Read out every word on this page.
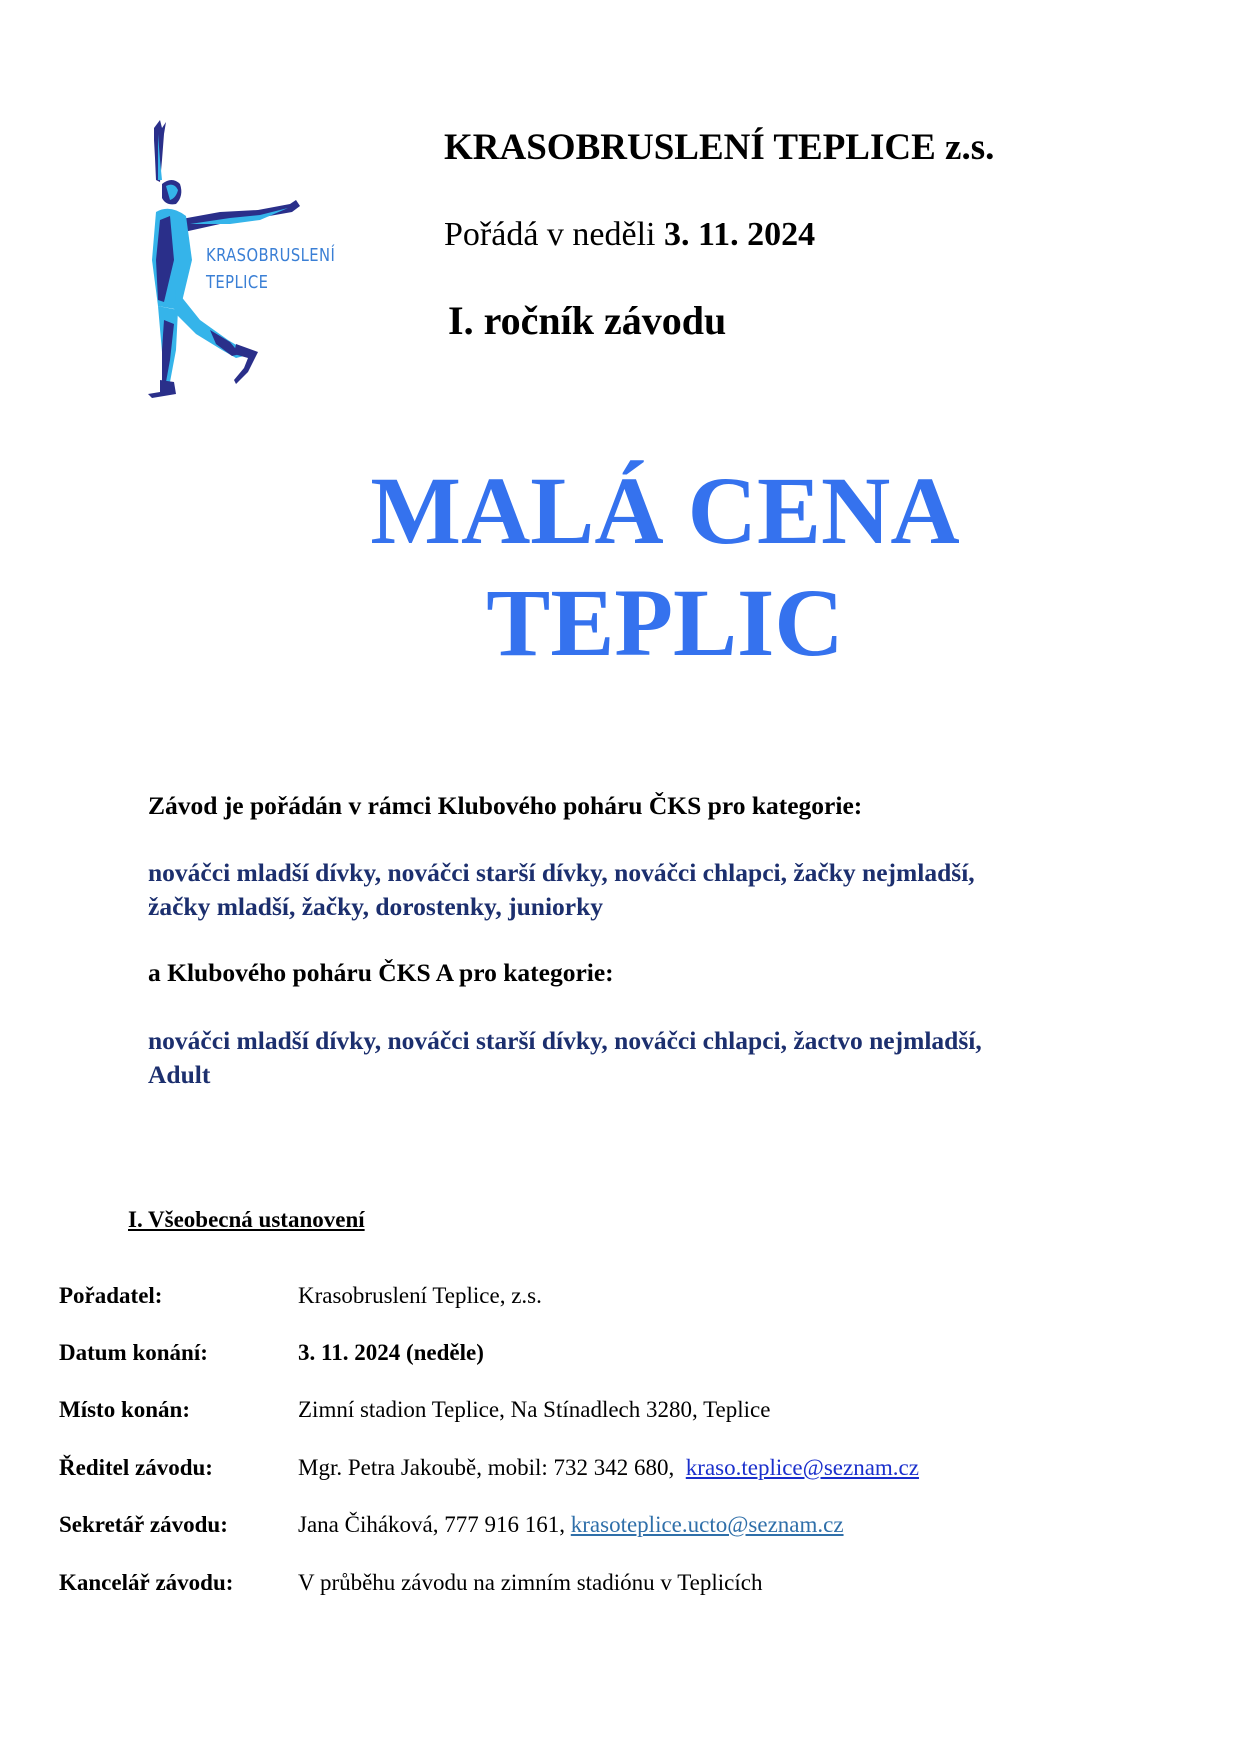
KRASOBRUSLENÍ
TEPLICE
KRASOBRUSLENÍ TEPLICE z.s.
Pořádá v neděli 3. 11. 2024
I. ročník závodu
MALÁ CENA
TEPLIC
Závod je pořádán v rámci Klubového poháru ČKS pro kategorie:
nováčci mladší dívky, nováčci starší dívky, nováčci chlapci, žačky nejmladší, žačky mladší, žačky, dorostenky, juniorky
a Klubového poháru ČKS A pro kategorie:
nováčci mladší dívky, nováčci starší dívky, nováčci chlapci, žactvo nejmladší, Adult
I. Všeobecná ustanovení
Pořadatel:	Krasobruslení Teplice, z.s.
Datum konání:	3. 11. 2024 (neděle)
Místo konán:	Zimní stadion Teplice, Na Stínadlech 3280, Teplice
Ředitel závodu:	Mgr. Petra Jakoubě, mobil: 732 342 680, kraso.teplice@seznam.cz
Sekretář závodu:	Jana Čiháková, 777 916 161, krasoteplice.ucto@seznam.cz
Kancelář závodu:	V průběhu závodu na zimním stadiónu v Teplicích
